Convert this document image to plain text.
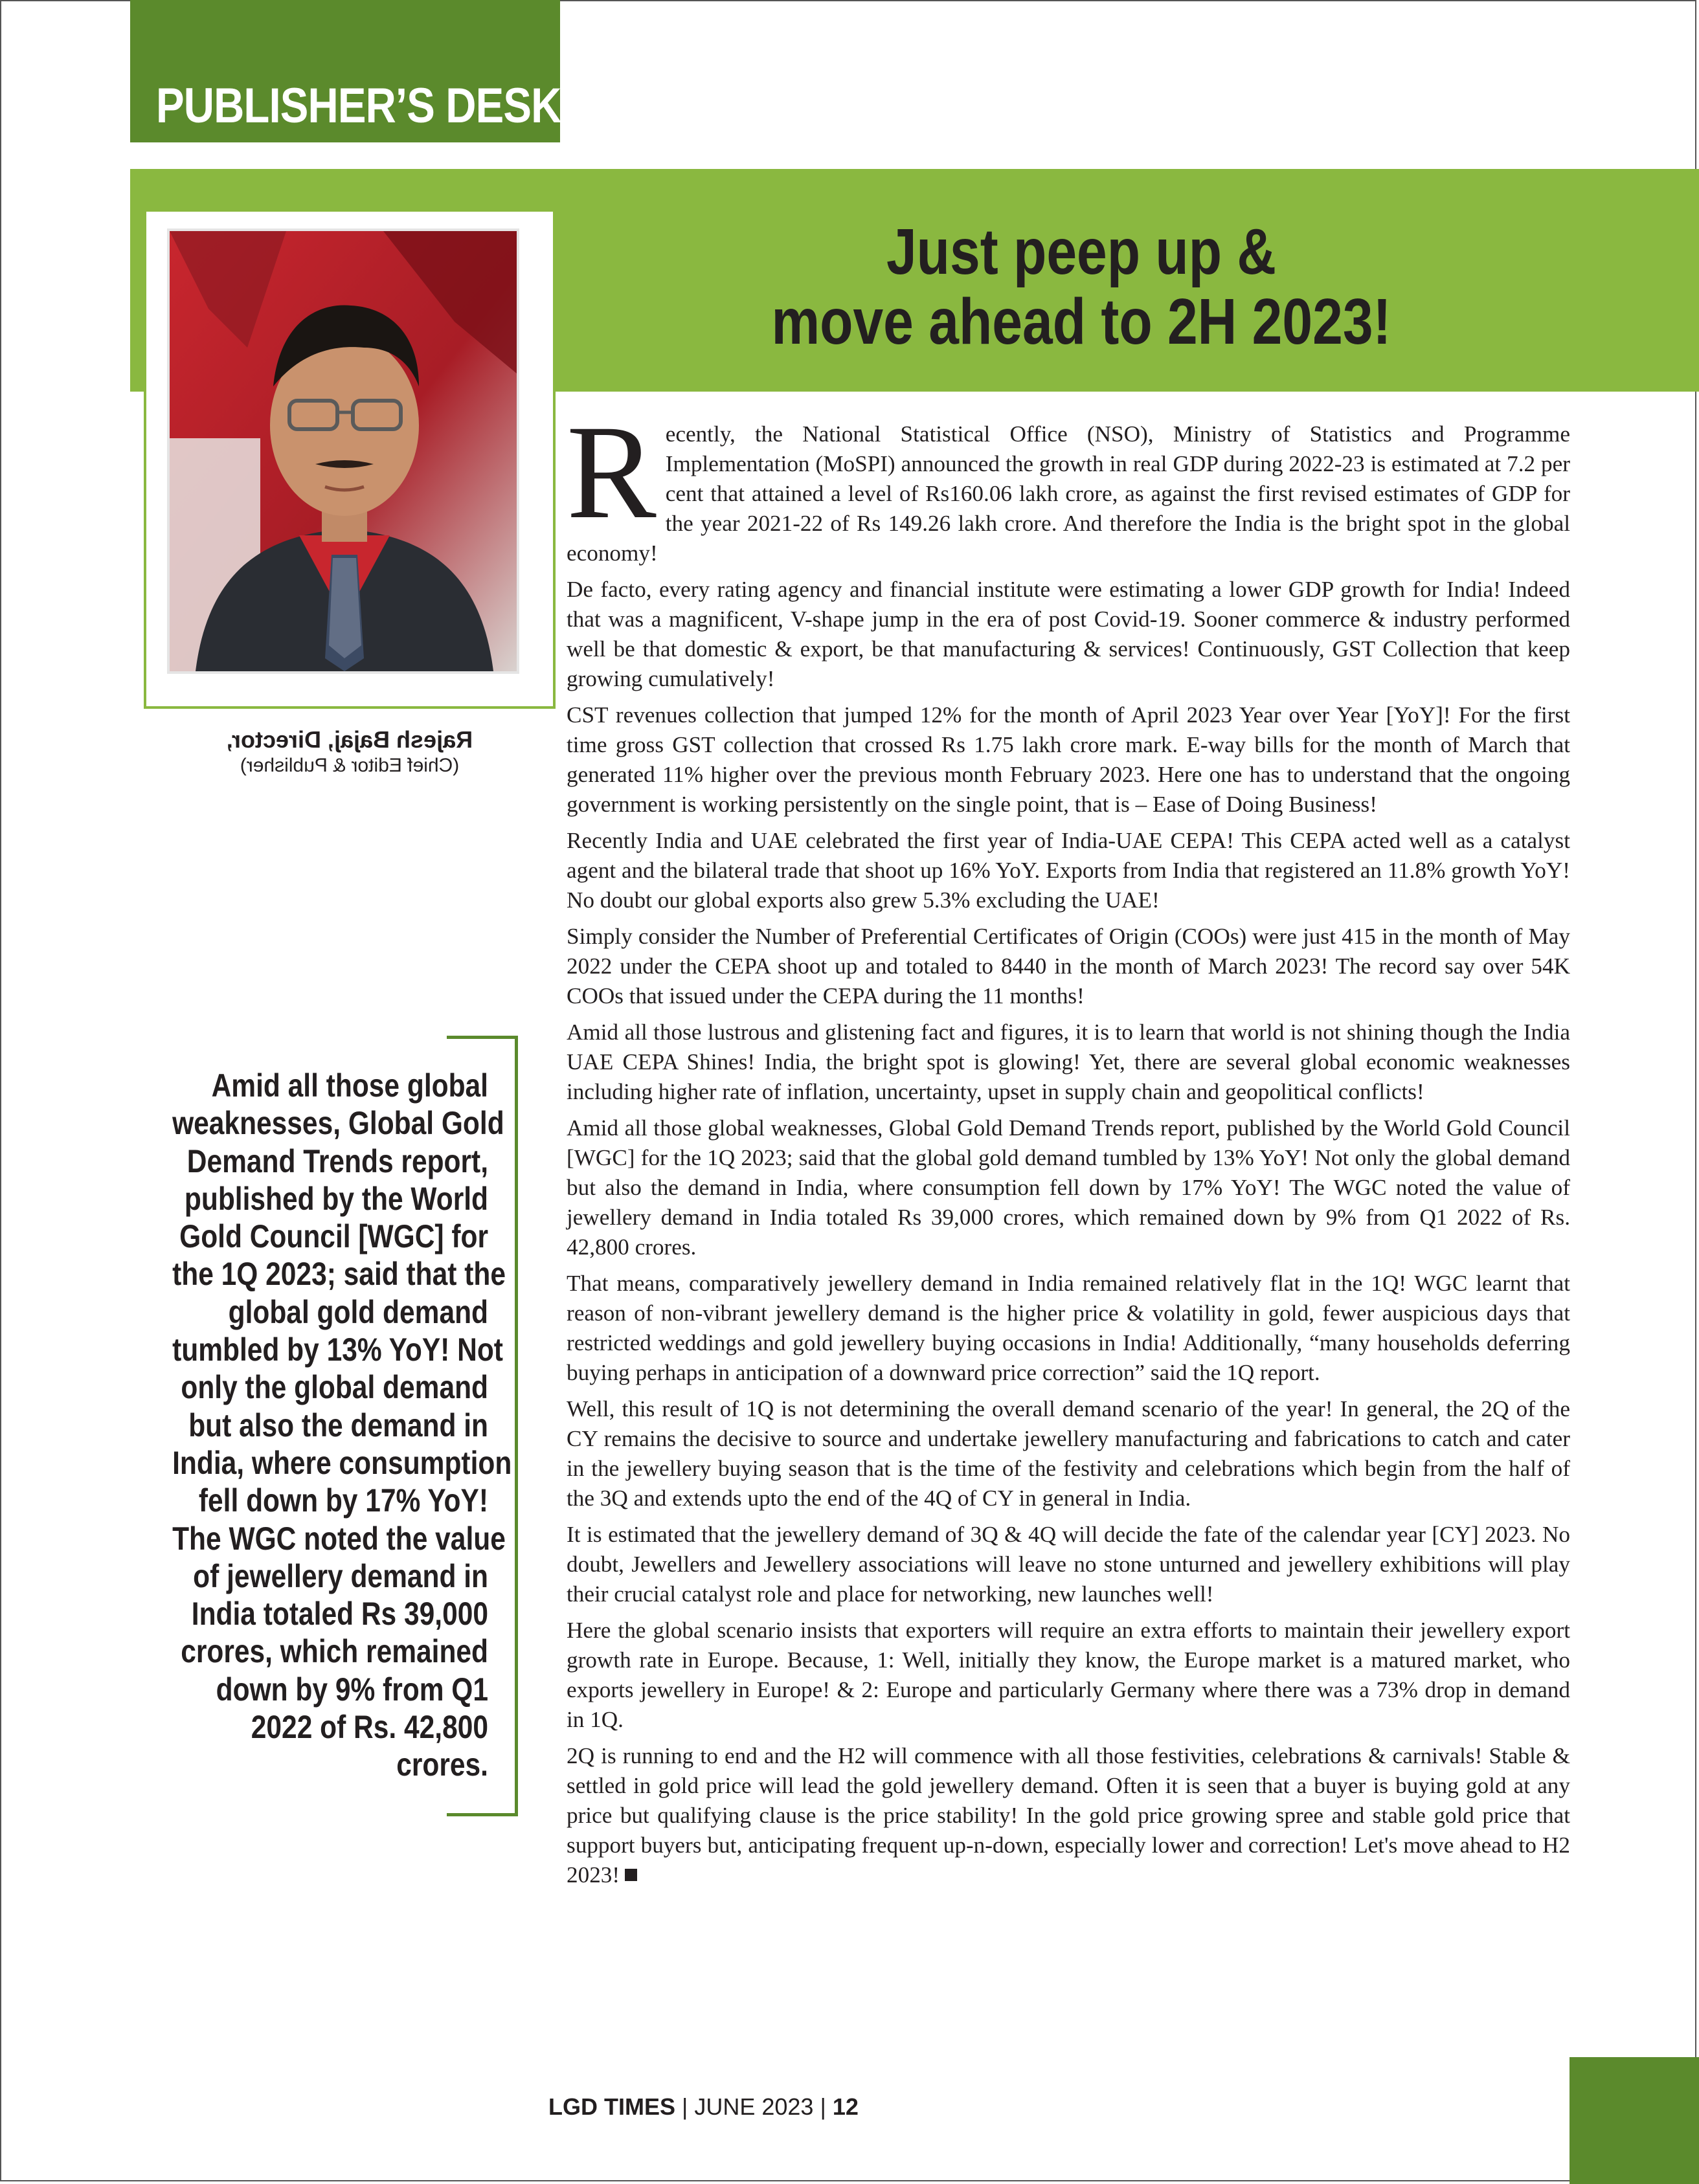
PUBLISHER’S DESK
Just peep up &
move ahead to 2H 2023!
Rajesh Bajaj, Director,
(Chief Editor & Publisher)
Amid all those global
weaknesses, Global Gold
Demand Trends report,
published by the World
Gold Council [WGC] for
the 1Q 2023; said that the
global gold demand
tumbled by 13% YoY! Not
only the global demand
but also the demand in
India, where consumption
fell down by 17% YoY!
The WGC noted the value
of jewellery demand in
India totaled Rs 39,000
crores, which remained
down by 9% from Q1
2022 of Rs. 42,800
crores.

Recently, the National Statistical Office (NSO), Ministry of Statistics and Programme Implementation (MoSPI) announced the growth in real GDP during 2022-23 is estimated at 7.2 per cent that attained a level of Rs160.06 lakh crore, as against the first revised estimates of GDP for the year 2021-22 of Rs 149.26 lakh crore. And therefore the India is the bright spot in the global economy!

De facto, every rating agency and financial institute were estimating a lower GDP growth for India! Indeed that was a magnificent, V-shape jump in the era of post Covid-19. Sooner commerce & industry performed well be that domestic & export, be that manufacturing & services! Continuously, GST Collection that keep growing cumulatively!

CST revenues collection that jumped 12% for the month of April 2023 Year over Year [YoY]! For the first time gross GST collection that crossed Rs 1.75 lakh crore mark. E-way bills for the month of March that generated 11% higher over the previous month February 2023. Here one has to understand that the ongoing government is working persistently on the single point, that is – Ease of Doing Business!

Recently India and UAE celebrated the first year of India-UAE CEPA! This CEPA acted well as a catalyst agent and the bilateral trade that shoot up 16% YoY. Exports from India that registered an 11.8% growth YoY! No doubt our global exports also grew 5.3% excluding the UAE!

Simply consider the Number of Preferential Certificates of Origin (COOs) were just 415 in the month of May 2022 under the CEPA shoot up and totaled to 8440 in the month of March 2023! The record say over 54K COOs that issued under the CEPA during the 11 months!

Amid all those lustrous and glistening fact and figures, it is to learn that world is not shining though the India UAE CEPA Shines! India, the bright spot is glowing! Yet, there are several global economic weaknesses including higher rate of inflation, uncertainty, upset in supply chain and geopolitical conflicts!

Amid all those global weaknesses, Global Gold Demand Trends report, published by the World Gold Council [WGC] for the 1Q 2023; said that the global gold demand tumbled by 13% YoY! Not only the global demand but also the demand in India, where consumption fell down by 17% YoY! The WGC noted the value of jewellery demand in India totaled Rs 39,000 crores, which remained down by 9% from Q1 2022 of Rs. 42,800 crores.

That means, comparatively jewellery demand in India remained relatively flat in the 1Q! WGC learnt that reason of non-vibrant jewellery demand is the higher price & volatility in gold, fewer auspicious days that restricted weddings and gold jewellery buying occasions in India! Additionally, “many households deferring buying perhaps in anticipation of a downward price correction” said the 1Q report.

Well, this result of 1Q is not determining the overall demand scenario of the year! In general, the 2Q of the CY remains the decisive to source and undertake jewellery manufacturing and fabrications to catch and cater in the jewellery buying season that is the time of the festivity and celebrations which begin from the half of the 3Q and extends upto the end of the 4Q of CY in general in India.

It is estimated that the jewellery demand of 3Q & 4Q will decide the fate of the calendar year [CY] 2023. No doubt, Jewellers and Jewellery associations will leave no stone unturned and jewellery exhibitions will play their crucial catalyst role and place for networking, new launches well!

Here the global scenario insists that exporters will require an extra efforts to maintain their jewellery export growth rate in Europe. Because, 1: Well, initially they know, the Europe market is a matured market, who exports jewellery in Europe! & 2: Europe and particularly Germany where there was a 73% drop in demand in 1Q.

2Q is running to end and the H2 will commence with all those festivities, celebrations & carnivals! Stable & settled in gold price will lead the gold jewellery demand. Often it is seen that a buyer is buying gold at any price but qualifying clause is the price stability! In the gold price growing spree and stable gold price that support buyers but, anticipating frequent up-n-down, especially lower and correction! Let's move ahead to H2 2023!

LGD TIMES | JUNE 2023 | 12
